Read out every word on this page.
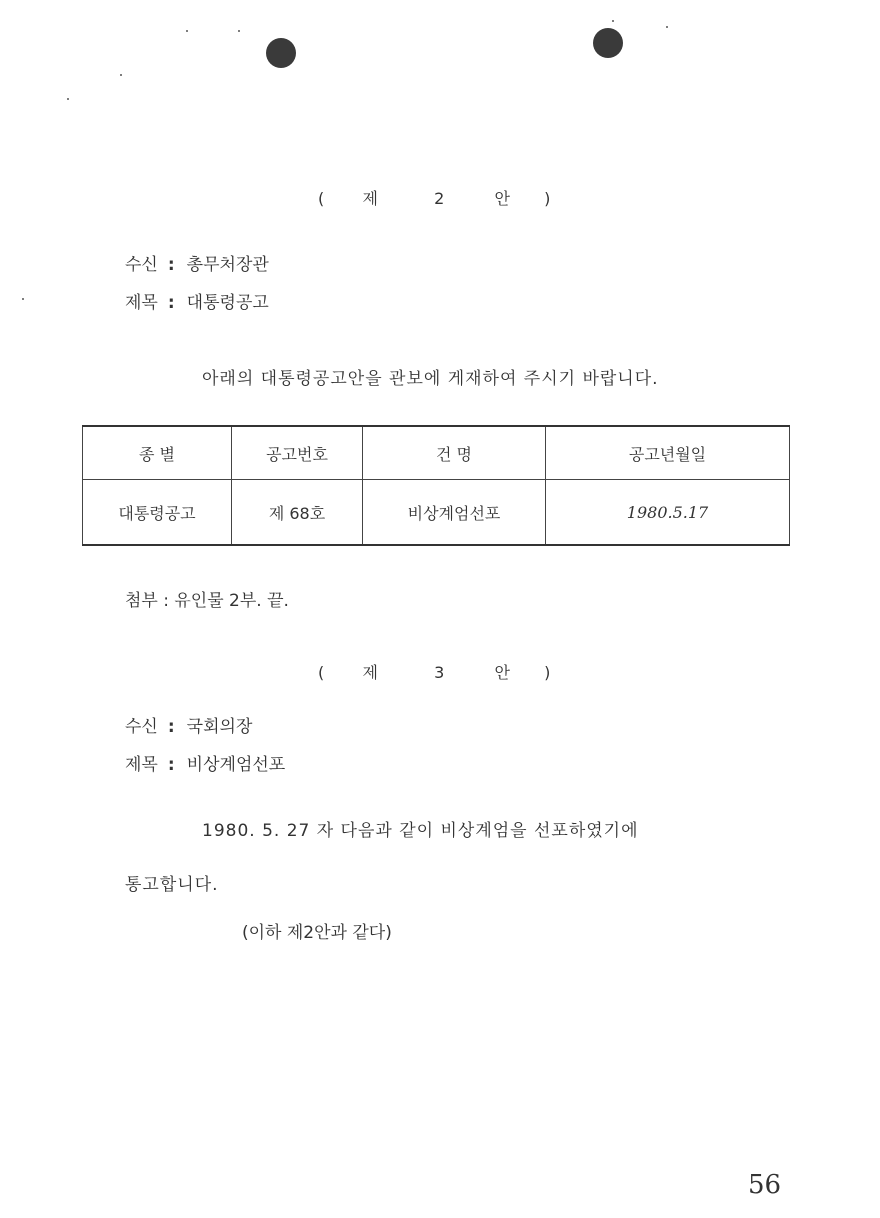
( 제	2	안 )
수신 : 총무처장관
제목 : 대통령공고
아래의 대통령공고안을 관보에 게재하여 주시기 바랍니다.
종 별	공고번호	건 명	공고년월일
대통령공고	제 68호	비상계엄선포	1980.5.17
첨부 : 유인물 2부. 끝.
( 제	3	안 )
수신 : 국회의장
제목 : 비상계엄선포
1980. 5. 27 자 다음과 같이 비상계엄을 선포하였기에
통고합니다.
(이하 제2안과 같다)
56
